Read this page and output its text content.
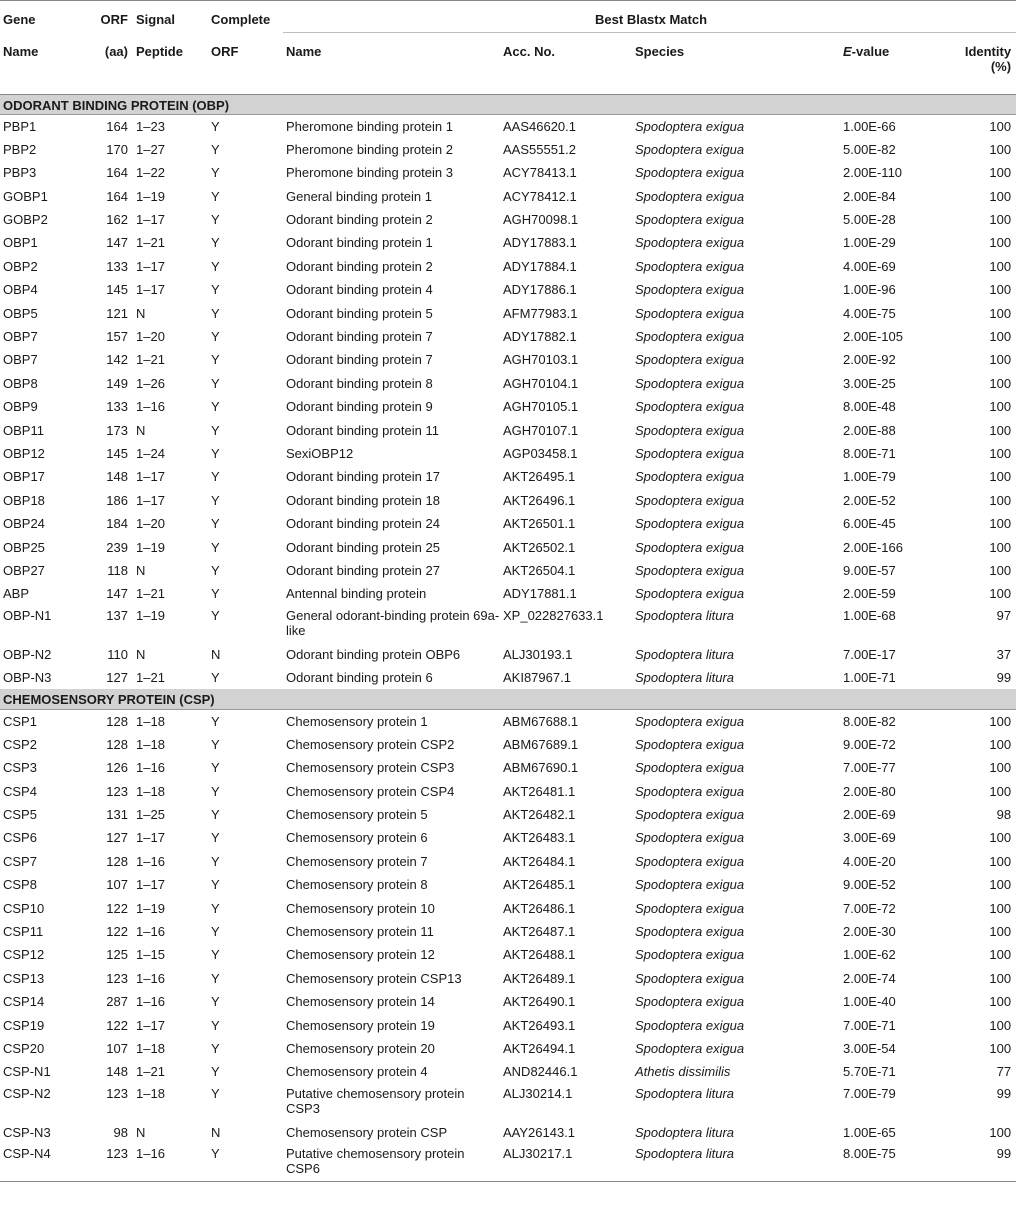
Gene	ORF	Signal	Complete	Best Blastx Match				
Name	(aa)	Peptide	ORF	Name	Acc. No.	Species	E-value	Identity (%)
ODORANT BINDING PROTEIN (OBP)								
PBP1	164	1–23	Y	Pheromone binding protein 1	AAS46620.1	Spodoptera exigua	1.00E-66	100
PBP2	170	1–27	Y	Pheromone binding protein 2	AAS55551.2	Spodoptera exigua	5.00E-82	100
PBP3	164	1–22	Y	Pheromone binding protein 3	ACY78413.1	Spodoptera exigua	2.00E-110	100
GOBP1	164	1–19	Y	General binding protein 1	ACY78412.1	Spodoptera exigua	2.00E-84	100
GOBP2	162	1–17	Y	Odorant binding protein 2	AGH70098.1	Spodoptera exigua	5.00E-28	100
OBP1	147	1–21	Y	Odorant binding protein 1	ADY17883.1	Spodoptera exigua	1.00E-29	100
OBP2	133	1–17	Y	Odorant binding protein 2	ADY17884.1	Spodoptera exigua	4.00E-69	100
OBP4	145	1–17	Y	Odorant binding protein 4	ADY17886.1	Spodoptera exigua	1.00E-96	100
OBP5	121	N	Y	Odorant binding protein 5	AFM77983.1	Spodoptera exigua	4.00E-75	100
OBP7	157	1–20	Y	Odorant binding protein 7	ADY17882.1	Spodoptera exigua	2.00E-105	100
OBP7	142	1–21	Y	Odorant binding protein 7	AGH70103.1	Spodoptera exigua	2.00E-92	100
OBP8	149	1–26	Y	Odorant binding protein 8	AGH70104.1	Spodoptera exigua	3.00E-25	100
OBP9	133	1–16	Y	Odorant binding protein 9	AGH70105.1	Spodoptera exigua	8.00E-48	100
OBP11	173	N	Y	Odorant binding protein 11	AGH70107.1	Spodoptera exigua	2.00E-88	100
OBP12	145	1–24	Y	SexiOBP12	AGP03458.1	Spodoptera exigua	8.00E-71	100
OBP17	148	1–17	Y	Odorant binding protein 17	AKT26495.1	Spodoptera exigua	1.00E-79	100
OBP18	186	1–17	Y	Odorant binding protein 18	AKT26496.1	Spodoptera exigua	2.00E-52	100
OBP24	184	1–20	Y	Odorant binding protein 24	AKT26501.1	Spodoptera exigua	6.00E-45	100
OBP25	239	1–19	Y	Odorant binding protein 25	AKT26502.1	Spodoptera exigua	2.00E-166	100
OBP27	118	N	Y	Odorant binding protein 27	AKT26504.1	Spodoptera exigua	9.00E-57	100
ABP	147	1–21	Y	Antennal binding protein	ADY17881.1	Spodoptera exigua	2.00E-59	100
OBP-N1	137	1–19	Y	General odorant-binding protein 69a-like	XP_022827633.1	Spodoptera litura	1.00E-68	97
OBP-N2	110	N	N	Odorant binding protein OBP6	ALJ30193.1	Spodoptera litura	7.00E-17	37
OBP-N3	127	1–21	Y	Odorant binding protein 6	AKI87967.1	Spodoptera litura	1.00E-71	99
CHEMOSENSORY PROTEIN (CSP)								
CSP1	128	1–18	Y	Chemosensory protein 1	ABM67688.1	Spodoptera exigua	8.00E-82	100
CSP2	128	1–18	Y	Chemosensory protein CSP2	ABM67689.1	Spodoptera exigua	9.00E-72	100
CSP3	126	1–16	Y	Chemosensory protein CSP3	ABM67690.1	Spodoptera exigua	7.00E-77	100
CSP4	123	1–18	Y	Chemosensory protein CSP4	AKT26481.1	Spodoptera exigua	2.00E-80	100
CSP5	131	1–25	Y	Chemosensory protein 5	AKT26482.1	Spodoptera exigua	2.00E-69	98
CSP6	127	1–17	Y	Chemosensory protein 6	AKT26483.1	Spodoptera exigua	3.00E-69	100
CSP7	128	1–16	Y	Chemosensory protein 7	AKT26484.1	Spodoptera exigua	4.00E-20	100
CSP8	107	1–17	Y	Chemosensory protein 8	AKT26485.1	Spodoptera exigua	9.00E-52	100
CSP10	122	1–19	Y	Chemosensory protein 10	AKT26486.1	Spodoptera exigua	7.00E-72	100
CSP11	122	1–16	Y	Chemosensory protein 11	AKT26487.1	Spodoptera exigua	2.00E-30	100
CSP12	125	1–15	Y	Chemosensory protein 12	AKT26488.1	Spodoptera exigua	1.00E-62	100
CSP13	123	1–16	Y	Chemosensory protein CSP13	AKT26489.1	Spodoptera exigua	2.00E-74	100
CSP14	287	1–16	Y	Chemosensory protein 14	AKT26490.1	Spodoptera exigua	1.00E-40	100
CSP19	122	1–17	Y	Chemosensory protein 19	AKT26493.1	Spodoptera exigua	7.00E-71	100
CSP20	107	1–18	Y	Chemosensory protein 20	AKT26494.1	Spodoptera exigua	3.00E-54	100
CSP-N1	148	1–21	Y	Chemosensory protein 4	AND82446.1	Athetis dissimilis	5.70E-71	77
CSP-N2	123	1–18	Y	Putative chemosensory protein CSP3	ALJ30214.1	Spodoptera litura	7.00E-79	99
CSP-N3	98	N	N	Chemosensory protein CSP	AAY26143.1	Spodoptera litura	1.00E-65	100
CSP-N4	123	1–16	Y	Putative chemosensory protein CSP6	ALJ30217.1	Spodoptera litura	8.00E-75	99
